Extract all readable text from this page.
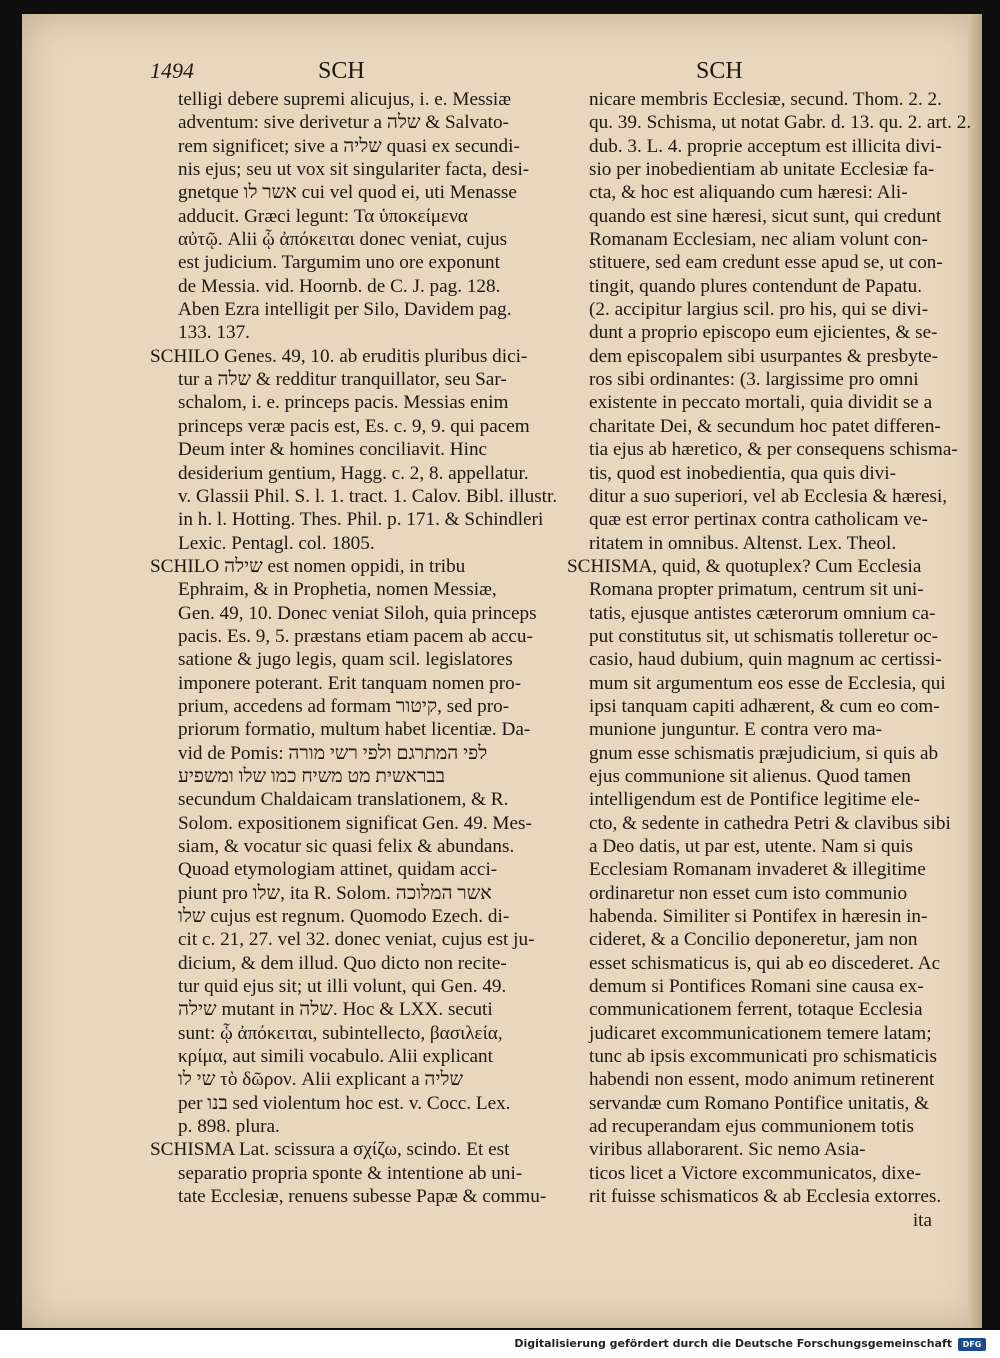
1494	SCH	SCH
telligi debere supremi alicujus, i. e. Messiæ
adventum: sive derivetur a שלה & Salvato-
rem significet; sive a שליה quasi ex secundi-
nis ejus; seu ut vox sit singulariter facta, desi-
gnetque אשר לו cui vel quod ei, uti Menasse
adducit. Græci legunt: Τα ὑποκείμενα
αὐτῷ. Alii ᾧ ἀπόκειται donec veniat, cujus
est judicium. Targumim uno ore exponunt
de Messia. vid. Hoornb. de C. J. pag. 128.
Aben Ezra intelligit per Silo, Davidem pag.
133. 137.
SCHILO Genes. 49, 10. ab eruditis pluribus dici-
tur a שלה & redditur tranquillator, seu Sar-
schalom, i. e. princeps pacis. Messias enim
princeps veræ pacis est, Es. c. 9, 9. qui pacem
Deum inter & homines conciliavit. Hinc
desiderium gentium, Hagg. c. 2, 8. appellatur.
v. Glassii Phil. S. l. 1. tract. 1. Calov. Bibl. illustr.
in h. l. Hotting. Thes. Phil. p. 171. & Schindleri
Lexic. Pentagl. col. 1805.
SCHILO שילה est nomen oppidi, in tribu
Ephraim, & in Prophetia, nomen Messiæ,
Gen. 49, 10. Donec veniat Siloh, quia princeps
pacis. Es. 9, 5. præstans etiam pacem ab accu-
satione & jugo legis, quam scil. legislatores
imponere poterant. Erit tanquam nomen pro-
prium, accedens ad formam קיטור, sed pro-
priorum formatio, multum habet licentiæ. Da-
vid de Pomis: לפי המתרגם ולפי רשי מורה
בבראשית מט משיח כמו שלו ומשפיע
secundum Chaldaicam translationem, & R.
Solom. expositionem significat Gen. 49. Mes-
siam, & vocatur sic quasi felix & abundans.
Quoad etymologiam attinet, quidam acci-
piunt pro שלו, ita R. Solom. אשר המלוכה
שלו cujus est regnum. Quomodo Ezech. di-
cit c. 21, 27. vel 32. donec veniat, cujus est ju-
dicium, & dem illud. Quo dicto non recite-
tur quid ejus sit; ut illi volunt, qui Gen. 49.
שילה mutant in שלה. Hoc & LXX. secuti
sunt: ᾧ ἀπόκειται, subintellecto, βασιλεία,
κρίμα, aut simili vocabulo. Alii explicant
שי לו τὸ δῶρον. Alii explicant a שליה
per בנו sed violentum hoc est. v. Cocc. Lex.
p. 898. plura.
SCHISMA Lat. scissura a σχίζω, scindo. Et est
separatio propria sponte & intentione ab uni-
tate Ecclesiæ, renuens subesse Papæ & commu-
nicare membris Ecclesiæ, secund. Thom. 2. 2.
qu. 39. Schisma, ut notat Gabr. d. 13. qu. 2. art. 2.
dub. 3. L. 4. proprie acceptum est illicita divi-
sio per inobedientiam ab unitate Ecclesiæ fa-
cta, & hoc est aliquando cum hæresi: Ali-
quando est sine hæresi, sicut sunt, qui credunt
Romanam Ecclesiam, nec aliam volunt con-
stituere, sed eam credunt esse apud se, ut con-
tingit, quando plures contendunt de Papatu.
(2. accipitur largius scil. pro his, qui se divi-
dunt a proprio episcopo eum ejicientes, & se-
dem episcopalem sibi usurpantes & presbyte-
ros sibi ordinantes: (3. largissime pro omni
existente in peccato mortali, quia dividit se a
charitate Dei, & secundum hoc patet differen-
tia ejus ab hæretico, & per consequens schisma-
tis, quod est inobedientia, qua quis divi-
ditur a suo superiori, vel ab Ecclesia & hæresi,
quæ est error pertinax contra catholicam ve-
ritatem in omnibus. Altenst. Lex. Theol.
SCHISMA, quid, & quotuplex? Cum Ecclesia
Romana propter primatum, centrum sit uni-
tatis, ejusque antistes cæterorum omnium ca-
put constitutus sit, ut schismatis tolleretur oc-
casio, haud dubium, quin magnum ac certissi-
mum sit argumentum eos esse de Ecclesia, qui
ipsi tanquam capiti adhærent, & cum eo com-
munione junguntur. E contra vero ma-
gnum esse schismatis præjudicium, si quis ab
ejus communione sit alienus. Quod tamen
intelligendum est de Pontifice legitime ele-
cto, & sedente in cathedra Petri & clavibus sibi
a Deo datis, ut par est, utente. Nam si quis
Ecclesiam Romanam invaderet & illegitime
ordinaretur non esset cum isto communio
habenda. Similiter si Pontifex in hæresin in-
cideret, & a Concilio deponeretur, jam non
esset schismaticus is, qui ab eo discederet. Ac
demum si Pontifices Romani sine causa ex-
communicationem ferrent, totaque Ecclesia
judicaret excommunicationem temere latam;
tunc ab ipsis excommunicati pro schismaticis
habendi non essent, modo animum retinerent
servandæ cum Romano Pontifice unitatis, &
ad recuperandam ejus communionem totis
viribus allaborarent. Sic nemo Asia-
ticos licet a Victore excommunicatos, dixe-
rit fuisse schismaticos & ab Ecclesia extorres.
ita
Digitalisierung gefördert durch die Deutsche Forschungsgemeinschaft	DFG
